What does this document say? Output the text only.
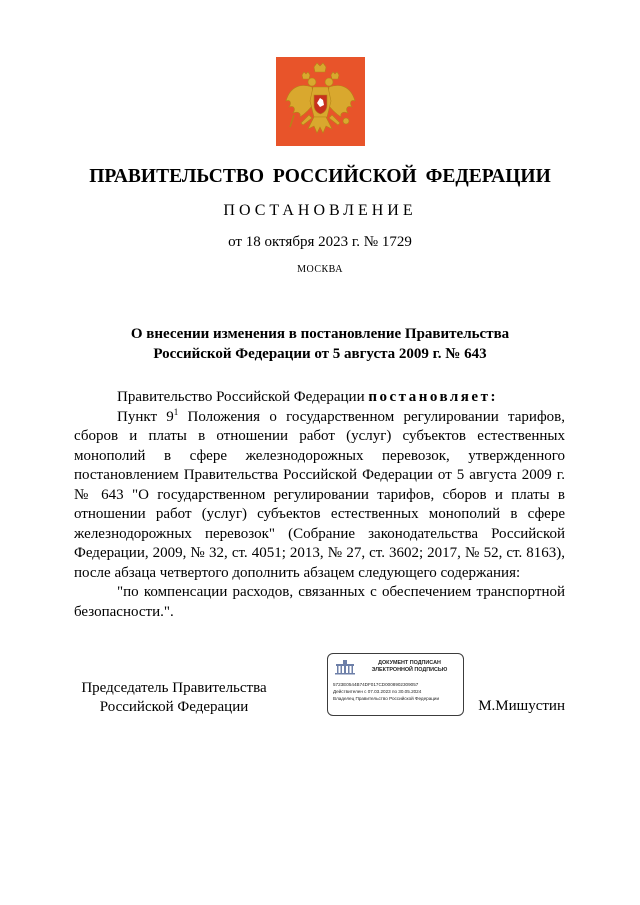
ПРАВИТЕЛЬСТВО РОССИЙСКОЙ ФЕДЕРАЦИИ
ПОСТАНОВЛЕНИЕ
от 18 октября 2023 г. № 1729
МОСКВА
О внесении изменения в постановление Правительства
Российской Федерации от 5 августа 2009 г. № 643

Правительство Российской Федерации постановляет:

Пункт $9^1$ Положения о государственном регулировании тарифов, сборов и платы в отношении работ (услуг) субъектов естественных монополий в сфере железнодорожных перевозок, утвержденного постановлением Правительства Российской Федерации от 5 августа 2009 г. № 643 "О государственном регулировании тарифов, сборов и платы в отношении работ (услуг) субъектов естественных монополий в сфере железнодорожных перевозок" (Собрание законодательства Российской Федерации, 2009, № 32, ст. 4051; 2013, № 27, ст. 3602; 2017, № 52, ст. 8163), после абзаца четвертого дополнить абзацем следующего содержания:

"по компенсации расходов, связанных с обеспечением транспортной безопасности.".

Председатель Правительства
Российской Федерации
ДОКУМЕНТ ПОДПИСАН
ЭЛЕКТРОННОЙ ПОДПИСЬЮ
5723E0544B74DF017CD0008902309057
Действителен с 07.03.2023 по 30.05.2024
Владелец Правительство Российской Федерации	М.Мишустин
